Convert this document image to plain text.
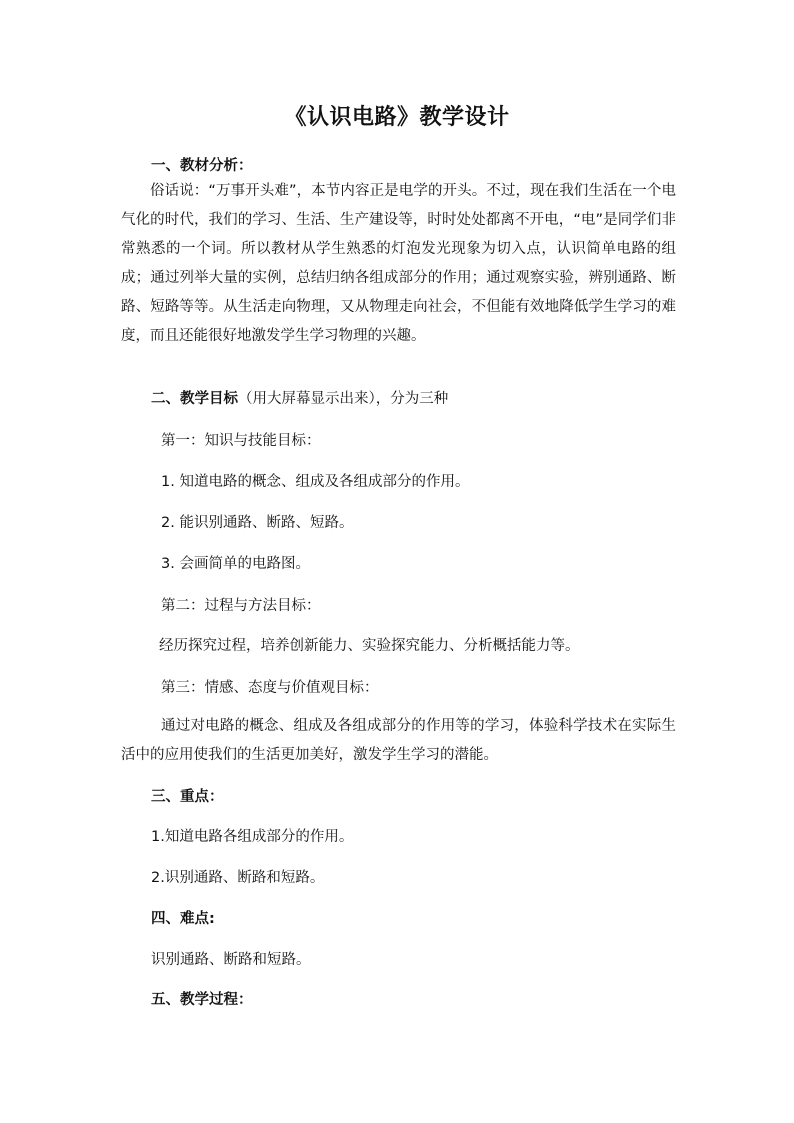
《认识电路》教学设计
一、教材分析：
俗话说：“万事开头难”，本节内容正是电学的开头。不过，现在我们生活在一个电气化的时代，我们的学习、生活、生产建设等，时时处处都离不开电，“电”是同学们非常熟悉的一个词。所以教材从学生熟悉的灯泡发光现象为切入点，认识简单电路的组成；通过列举大量的实例，总结归纳各组成部分的作用；通过观察实验，辨别通路、断路、短路等等。从生活走向物理，又从物理走向社会，不但能有效地降低学生学习的难度，而且还能很好地激发学生学习物理的兴趣。
二、教学目标（用大屏幕显示出来），分为三种
第一：知识与技能目标：
1. 知道电路的概念、组成及各组成部分的作用。
2. 能识别通路、断路、短路。
3. 会画简单的电路图。
第二：过程与方法目标：
经历探究过程，培养创新能力、实验探究能力、分析概括能力等。
第三：情感、态度与价值观目标：
通过对电路的概念、组成及各组成部分的作用等的学习，体验科学技术在实际生活中的应用使我们的生活更加美好，激发学生学习的潜能。
三、重点：
1.知道电路各组成部分的作用。
2.识别通路、断路和短路。
四、难点:
识别通路、断路和短路。
五、教学过程：
